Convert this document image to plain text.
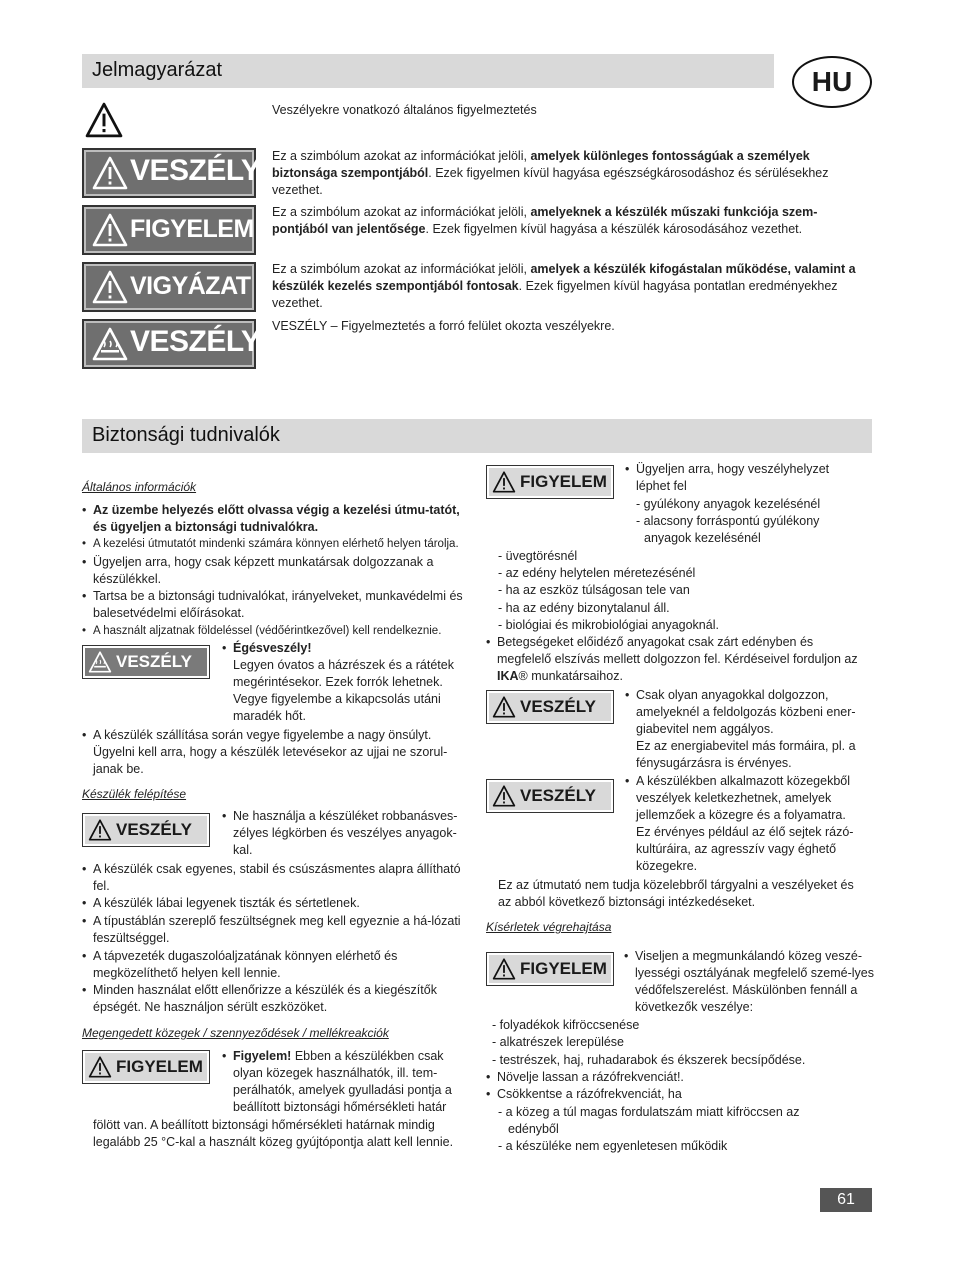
Jelmagyarázat	HU
Veszélyekre vonatkozó általános figyelmeztetés
VESZÉLY Ez a szimbólum azokat az információkat jelöli, amelyek különleges fontosságúak a személyek biztonsága szempontjából. Ezek figyelmen kívül hagyása egészségkárosodáshoz és sérülésekhez vezethet.
FIGYELEM
Ez a szimbólum azokat az információkat jelöli, amelyeknek a készülék műszaki funkciója szem-pontjából van jelentősége. Ezek figyelmen kívül hagyása a készülék károsodásához vezethet.
VIGYÁZAT
Ez a szimbólum azokat az információkat jelöli, amelyek a készülék kifogástalan működése, valamint a készülék kezelés szempontjából fontosak. Ezek figyelmen kívül hagyása pontatlan eredményekhez vezethet.
VESZÉLY VESZÉLY – Figyelmeztetés a forró felület okozta veszélyekre.
Biztonsági tudnivalók
Általános információk
• Az üzembe helyezés előtt olvassa végig a kezelési útmu-tatót, és ügyeljen a biztonsági tudnivalókra.
• A kezelési útmutatót mindenki számára könnyen elérhető helyen tárolja.
• Ügyeljen arra, hogy csak képzett munkatársak dolgozzanak a készülékkel.
• Tartsa be a biztonsági tudnivalókat, irányelveket, munkavédelmi és balesetvédelmi előírásokat.
• A használt aljzatnak földeléssel (védőérintkezővel) kell rendelkeznie.
VESZÉLY
• Égésveszély!
Legyen óvatos a házrészek és a rátétek megérintésekor. Ezek forrók lehetnek. Vegye figyelembe a kikapcsolás utáni maradék hőt.
• A készülék szállítása során vegye figyelembe a nagy önsúlyt. Ügyelni kell arra, hogy a készülék letevésekor az ujjai ne szorul-janak be.
Készülék felépítése
VESZÉLY
• Ne használja a készüléket robbanásves-zélyes légkörben és veszélyes anyagok-kal.
• A készülék csak egyenes, stabil és csúszásmentes alapra állítható fel.
• A készülék lábai legyenek tiszták és sértetlenek.
• A típustáblán szereplő feszültségnek meg kell egyeznie a há-lózati feszültséggel.
• A tápvezeték dugaszolóaljzatának könnyen elérhető és megközelíthető helyen kell lennie.
• Minden használat előtt ellenőrizze a készülék és a kiegészítők épségét. Ne használjon sérült eszközöket.
Megengedett közegek / szennyeződések / mellékreakciók
FIGYELEM
• Figyelem! Ebben a készülékben csak olyan közegek használhatók, ill. tem-perálhatók, amelyek gyulladási pontja a beállított biztonsági hőmérsékleti határ
fölött van. A beállított biztonsági hőmérsékleti határnak mindig legalább 25 °C-kal a használt közeg gyújtópontja alatt kell lennie.
FIGYELEM
• Ügyeljen arra, hogy veszélyhelyzet léphet fel
- gyúlékony anyagok kezelésénél
- alacsony forráspontú gyúlékony
anyagok kezelésénél
- üvegtörésnél
- az edény helytelen méretezésénél
- ha az eszköz túlságosan tele van
- ha az edény bizonytalanul áll.
- biológiai és mikrobiológiai anyagoknál.
• Betegségeket előidéző anyagokat csak zárt edényben és megfelelő elszívás mellett dolgozzon fel. Kérdéseivel forduljon az IKA® munkatársaihoz.
VESZÉLY
• Csak olyan anyagokkal dolgozzon, amelyeknél a feldolgozás közbeni ener-giabevitel nem aggályos.
Ez az energiabevitel más formáira, pl. a fénysugárzásra is érvényes.
VESZÉLY
• A készülékben alkalmazott közegekből veszélyek keletkezhetnek, amelyek jellemzőek a közegre és a folyamatra.
Ez érvényes például az élő sejtek rázó-kultúráira, az agresszív vagy éghető közegekre.
Ez az útmutató nem tudja közelebbről tárgyalni a veszélyeket és az abból következő biztonsági intézkedéseket.
Kísérletek végrehajtása
FIGYELEM
• Viseljen a megmunkálandó közeg veszé-lyességi osztályának megfelelő szemé-lyes védőfelszerelést. Máskülönben fennáll a következők veszélye:
- folyadékok kifröccsenése
- alkatrészek lerepülése
- testrészek, haj, ruhadarabok és ékszerek becsípődése.
• Növelje lassan a rázófrekvenciát!.
• Csökkentse a rázófrekvenciát, ha
- a közeg a túl magas fordulatszám miatt kifröccsen az
edényből
- a készüléke nem egyenletesen működik
61
